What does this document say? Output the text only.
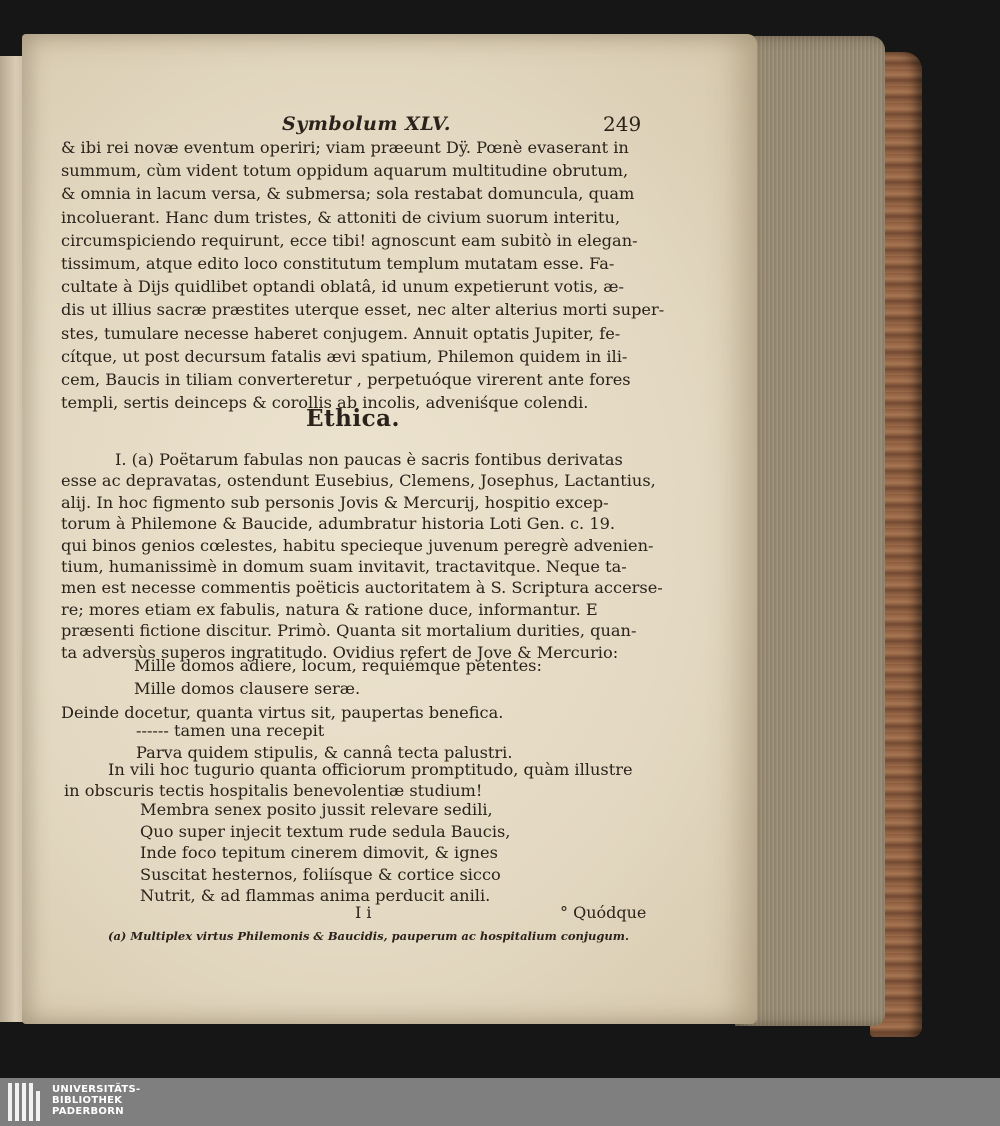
Symbolum XLV.	249
& ibi rei novæ eventum operiri; viam præeunt Dÿ. Pœnè evaserant in
summum, cùm vident totum oppidum aquarum multitudine obrutum,
& omnia in lacum versa, & submersa; sola restabat domuncula, quam
incoluerant. Hanc dum tristes, & attoniti de civium suorum interitu,
circumspiciendo requirunt, ecce tibi! agnoscunt eam subitò in elegan-
tissimum, atque edito loco constitutum templum mutatam esse. Fa-
cultate à Dijs quidlibet optandi oblatâ, id unum expetierunt votis, æ-
dis ut illius sacræ præstites uterque esset, nec alter alterius morti super-
stes, tumulare necesse haberet conjugem. Annuit optatis Jupiter, fe-
cítque, ut post decursum fatalis ævi spatium, Philemon quidem in ili-
cem, Baucis in tiliam converteretur , perpetuóque virerent ante fores
templi, sertis deinceps & corollis ab incolis, adveniśque colendi.
Ethica.
I. (a) Poëtarum fabulas non paucas è sacris fontibus derivatas
esse ac depravatas, ostendunt Eusebius, Clemens, Josephus, Lactantius,
alij. In hoc figmento sub personis Jovis & Mercurij, hospitio excep-
torum à Philemone & Baucide, adumbratur historia Loti Gen. c. 19.
qui binos genios cœlestes, habitu specieque juvenum peregrè advenien-
tium, humanissimè in domum suam invitavit, tractavitque. Neque ta-
men est necesse commentis poëticis auctoritatem à S. Scriptura accerse-
re; mores etiam ex fabulis, natura & ratione duce, informantur. E
præsenti fictione discitur. Primò. Quanta sit mortalium durities, quan-
ta adversùs superos ingratitudo. Ovidius refert de Jove & Mercurio:
Mille domos adiere, locum, requiémque petentes:
Mille domos clausere seræ.
Deinde docetur, quanta virtus sit, paupertas benefica.
------ tamen una recepit
Parva quidem stipulis, & cannâ tecta palustri.
In vili hoc tugurio quanta officiorum promptitudo, quàm illustre
in obscuris tectis hospitalis benevolentiæ studium!
Membra senex posito jussit relevare sedili,
Quo super injecit textum rude sedula Baucis,
Inde foco tepitum cinerem dimovit, & ignes
Suscitat hesternos, foliísque & cortice sicco
Nutrit, & ad flammas anima perducit anili.
I i	° Quódque
(a) Multiplex virtus Philemonis & Baucidis, pauperum ac hospitalium conjugum.
UNIVERSITÄTS-
BIBLIOTHEK
PADERBORN
